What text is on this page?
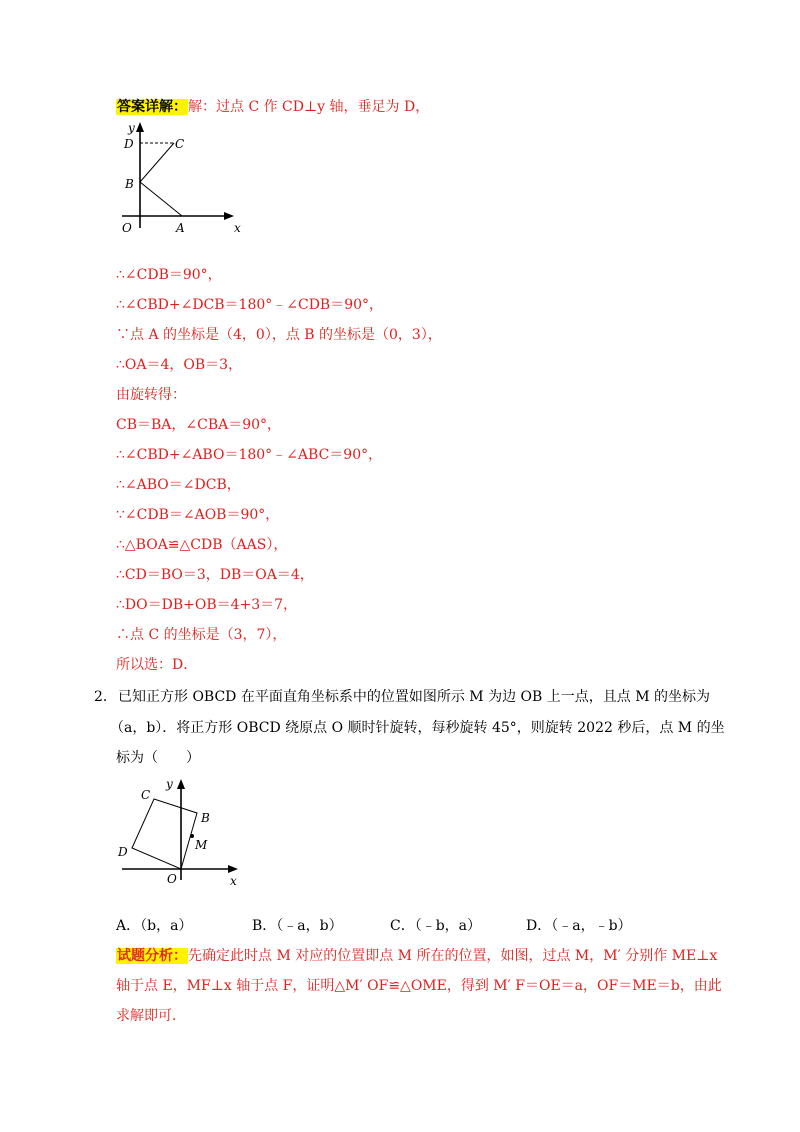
答案详解：解：过点 C 作 CD⊥y 轴，垂足为 D，
y
x
D	C
B
O	A
∴∠CDB＝90°，
∴∠CBD+∠DCB＝180°﹣∠CDB＝90°，
∵点 A 的坐标是（4，0），点 B 的坐标是（0，3），
∴OA＝4，OB＝3，
由旋转得：
CB＝BA，∠CBA＝90°，
∴∠CBD+∠ABO＝180°﹣∠ABC＝90°，
∴∠ABO＝∠DCB，
∵∠CDB＝∠AOB＝90°，
∴△BOA≌△CDB（AAS），
∴CD＝BO＝3，DB＝OA＝4，
∴DO＝DB+OB＝4+3＝7，
∴点 C 的坐标是（3，7），
所以选：D．
2． 已知正方形 OBCD 在平面直角坐标系中的位置如图所示 M 为边 OB 上一点，且点 M 的坐标为
（a，b）．将正方形 OBCD 绕原点 O 顺时针旋转，每秒旋转 45°，则旋转 2022 秒后，点 M 的坐
标为（　　）
y
x
C
B
D	M
O
A．（b，a）	B．（﹣a，b）	C．（﹣b，a）	D．（﹣a，﹣b）
试题分析：先确定此时点 M 对应的位置即点 M 所在的位置，如图，过点 M，M′ 分别作 ME⊥x
轴于点 E，MF⊥x 轴于点 F，证明△M′ OF≌△OME，得到 M′ F＝OE＝a，OF＝ME＝b，由此
求解即可．
